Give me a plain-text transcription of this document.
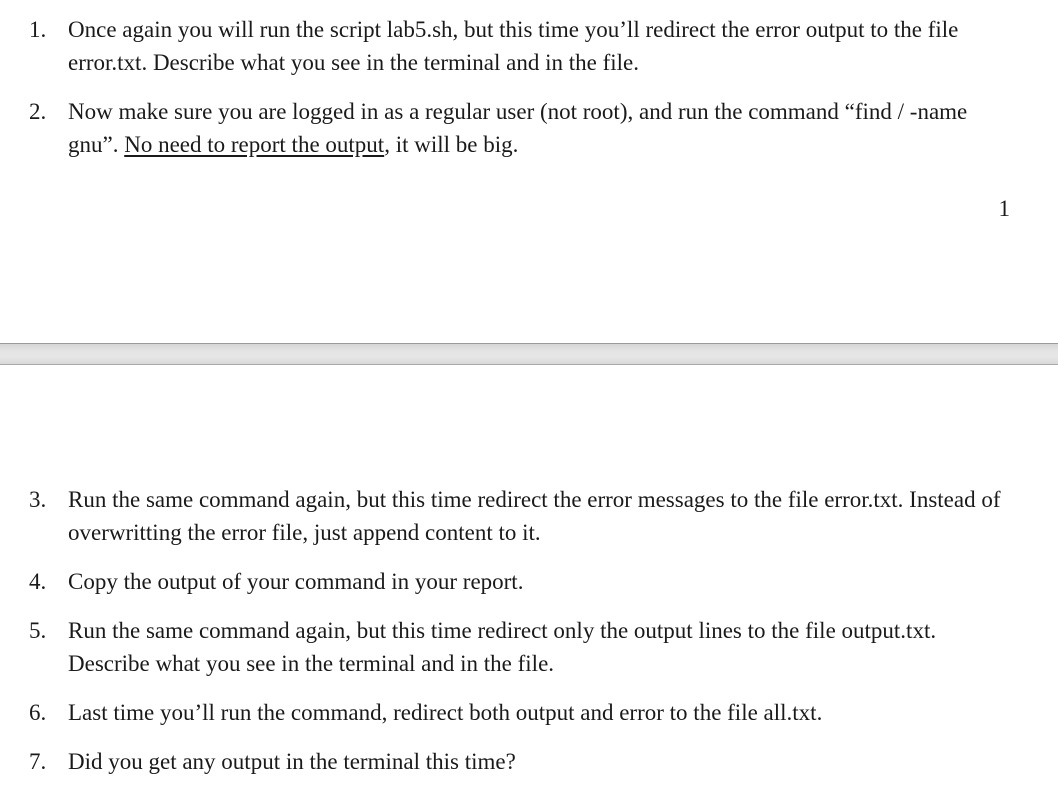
1. Once again you will run the script lab5.sh, but this time you’ll redirect the error output to the file error.txt. Describe what you see in the terminal and in the file.
2. Now make sure you are logged in as a regular user (not root), and run the command “find / -name gnu”. No need to report the output, it will be big.
1
3. Run the same command again, but this time redirect the error messages to the file error.txt. Instead of overwritting the error file, just append content to it.
4. Copy the output of your command in your report.
5. Run the same command again, but this time redirect only the output lines to the file output.txt. Describe what you see in the terminal and in the file.
6. Last time you’ll run the command, redirect both output and error to the file all.txt.
7. Did you get any output in the terminal this time?
